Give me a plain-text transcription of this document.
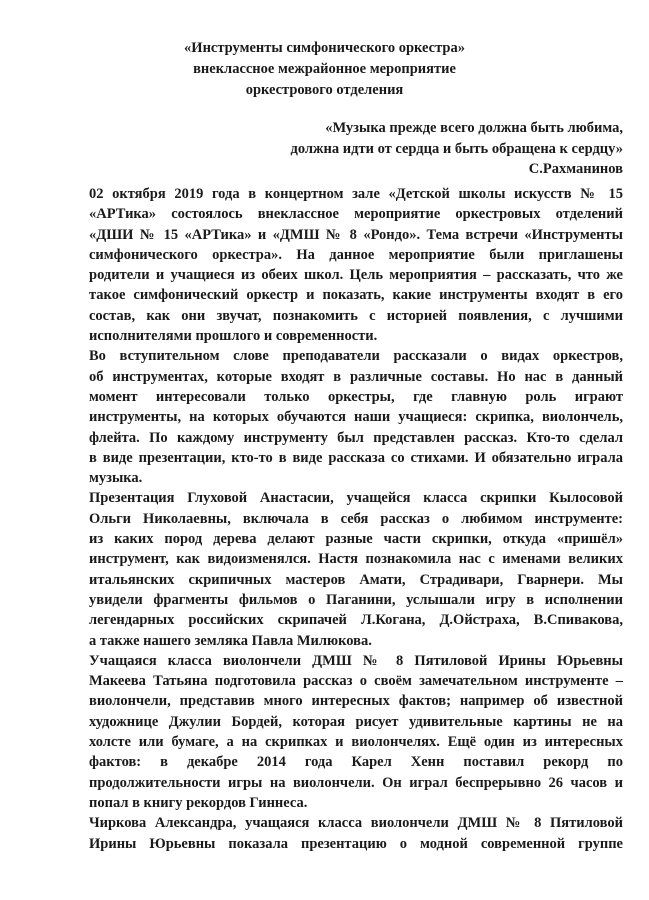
«Инструменты симфонического оркестра»
внеклассное межрайонное мероприятие
оркестрового отделения
«Музыка прежде всего должна быть любима,
должна идти от сердца и быть обращена к сердцу»
С.Рахманинов
02 октября 2019 года в концертном зале «Детской школы искусств № 15
«АРТика» состоялось внеклассное мероприятие оркестровых отделений
«ДШИ № 15 «АРТика» и «ДМШ № 8 «Рондо». Тема встречи «Инструменты
симфонического оркестра». На данное мероприятие были приглашены
родители и учащиеся из обеих школ. Цель мероприятия – рассказать, что же
такое симфонический оркестр и показать, какие инструменты входят в его
состав, как они звучат, познакомить с историей появления, с лучшими
исполнителями прошлого и современности.
Во вступительном слове преподаватели рассказали о видах оркестров,
об инструментах, которые входят в различные составы. Но нас в данный
момент интересовали только оркестры, где главную роль играют
инструменты, на которых обучаются наши учащиеся: скрипка, виолончель,
флейта. По каждому инструменту был представлен рассказ. Кто-то сделал
в виде презентации, кто-то в виде рассказа со стихами. И обязательно играла
музыка.
Презентация Глуховой Анастасии, учащейся класса скрипки Кылосовой
Ольги Николаевны, включала в себя рассказ о любимом инструменте:
из каких пород дерева делают разные части скрипки, откуда «пришёл»
инструмент, как видоизменялся. Настя познакомила нас с именами великих
итальянских скрипичных мастеров Амати, Страдивари, Гварнери. Мы
увидели фрагменты фильмов о Паганини, услышали игру в исполнении
легендарных российских скрипачей Л.Когана, Д.Ойстраха, В.Спивакова,
а также нашего земляка Павла Милюкова.
Учащаяся класса виолончели ДМШ № 8 Пятиловой Ирины Юрьевны
Макеева Татьяна подготовила рассказ о своём замечательном инструменте –
виолончели, представив много интересных фактов; например об известной
художнице Джулии Бордей, которая рисует удивительные картины не на
холсте или бумаге, а на скрипках и виолончелях. Ещё один из интересных
фактов: в декабре 2014 года Карел Хенн поставил рекорд по
продолжительности игры на виолончели. Он играл беспрерывно 26 часов и
попал в книгу рекордов Гиннеса.
Чиркова Александра, учащаяся класса виолончели ДМШ № 8 Пятиловой
Ирины Юрьевны показала презентацию о модной современной группе
